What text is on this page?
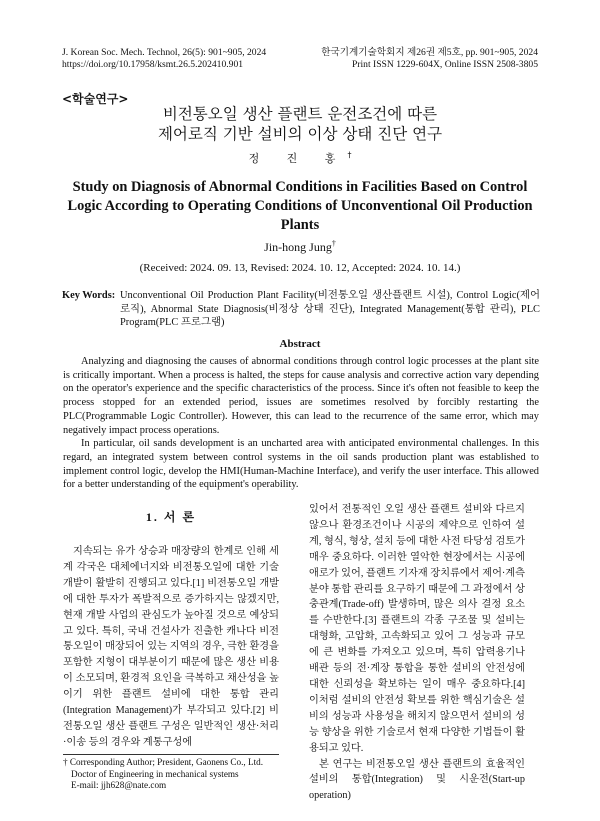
J. Korean Soc. Mech. Technol, 26(5): 901~905, 2024
https://doi.org/10.17958/ksmt.26.5.202410.901
한국기계기술학회지 제26권 제5호, pp. 901~905, 2024
Print ISSN 1229-604X, Online ISSN 2508-3805
<학술연구>
비전통오일 생산 플랜트 운전조건에 따른
제어로직 기반 설비의 이상 상태 진단 연구
정 진 홍†
Study on Diagnosis of Abnormal Conditions in Facilities Based on Control Logic According to Operating Conditions of Unconventional Oil Production Plants
Jin-hong Jung†
(Received: 2024. 09. 13, Revised: 2024. 10. 12, Accepted: 2024. 10. 14.)
Key Words: Unconventional Oil Production Plant Facility(비전통오일 생산플랜트 시설), Control Logic(제어 로직), Abnormal State Diagnosis(비정상 상태 진단), Integrated Management(통합 관리), PLC Program(PLC 프로그램)
Abstract

Analyzing and diagnosing the causes of abnormal conditions through control logic processes at the plant site is critically important. When a process is halted, the steps for cause analysis and corrective action vary depending on the operator's experience and the specific characteristics of the process. Since it's often not feasible to keep the process stopped for an extended period, issues are sometimes resolved by forcibly restarting the PLC(Programmable Logic Controller). However, this can lead to the recurrence of the same error, which may negatively impact process operations.

In particular, oil sands development is an uncharted area with anticipated environmental challenges. In this regard, an integrated system between control systems in the oil sands production plant was established to implement control logic, develop the HMI(Human-Machine Interface), and verify the user interface. This allowed for a better understanding of the equipment's operability.

1. 서 론

지속되는 유가 상승과 매장량의 한계로 인해 세계 각국은 대체에너지와 비전통오일에 대한 기술 개발이 활발히 진행되고 있다.[1] 비전통오일 개발에 대한 투자가 폭발적으로 증가하지는 않겠지만, 현재 개발 사업의 관심도가 높아질 것으로 예상되고 있다. 특히, 국내 건설사가 진출한 캐나다 비전통오일이 매장되어 있는 지역의 경우, 극한 환경을 포함한 지형이 대부분이기 때문에 많은 생산 비용이 소모되며, 환경적 요인을 극복하고 채산성을 높이기 위한 플랜트 설비에 대한 통합 관리(Integration Management)가 부각되고 있다.[2] 비전통오일 생산 플랜트 구성은 일반적인 생산·처리·이송 등의 경우와 계통구성에

있어서 전통적인 오일 생산 플랜트 설비와 다르지 않으나 환경조건이나 시공의 제약으로 인하여 설계, 형식, 형상, 설치 등에 대한 사전 타당성 검토가 매우 중요하다. 이러한 열악한 현장에서는 시공에 애로가 있어, 플랜트 기자재 장치류에서 제어·계측분야 통합 관리를 요구하기 때문에 그 과정에서 상충관계(Trade-off) 발생하며, 많은 의사 결정 요소를 수반한다.[3] 플랜트의 각종 구조물 및 설비는 대형화, 고압화, 고속화되고 있어 그 성능과 규모에 큰 변화를 가져오고 있으며, 특히 압력용기나 배관 등의 전·계장 통합을 통한 설비의 안전성에 대한 신뢰성을 확보하는 일이 매우 중요하다.[4] 이처럼 설비의 안전성 확보를 위한 핵심기술은 설비의 성능과 사용성을 해치지 않으면서 설비의 성능 향상을 위한 기술로서 현재 다양한 기법들이 활용되고 있다.

본 연구는 비전통오일 생산 플랜트의 효율적인 설비의 통합(Integration) 및 시운전(Start-up operation)

† Corresponding Author; President, Gaonens Co., Ltd.
Doctor of Engineering in mechanical systems
E-mail: jjh628@nate.com
